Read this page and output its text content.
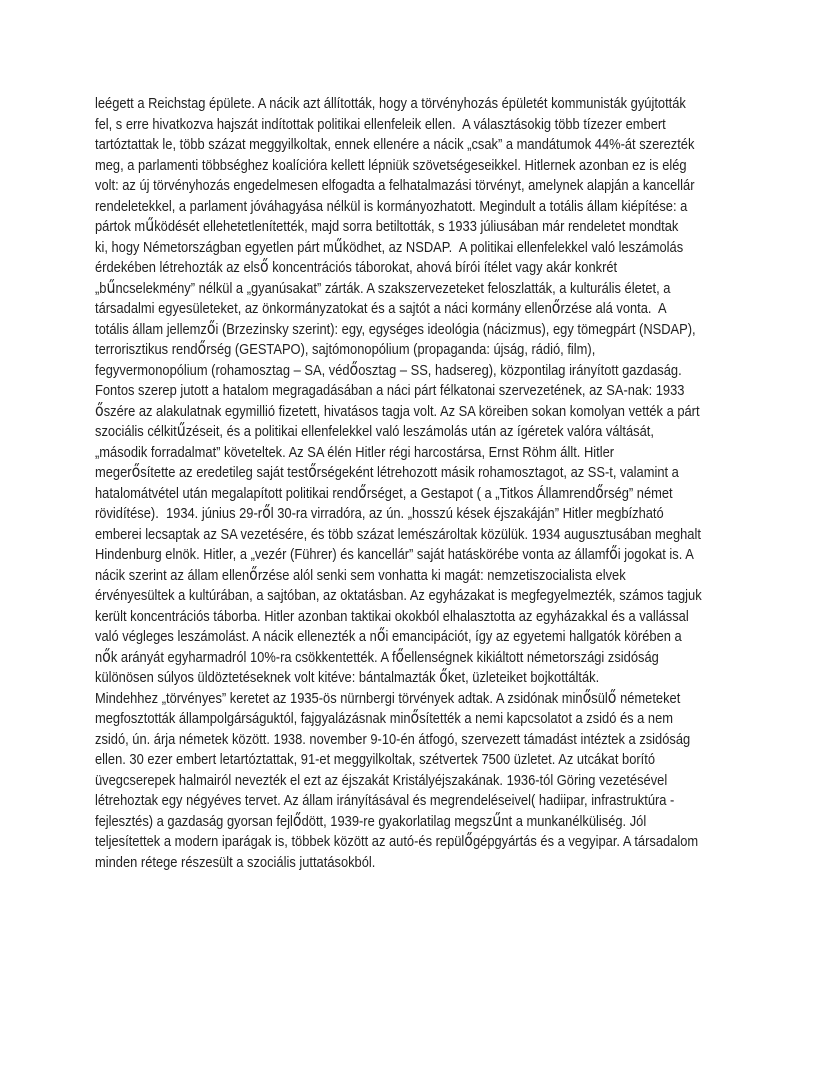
leégett a Reichstag épülete. A nácik azt állították, hogy a törvényhozás épületét kommunisták gyújtották
fel, s erre hivatkozva hajszát indítottak politikai ellenfeleik ellen.  A választásokig több tízezer embert
tartóztattak le, több százat meggyilkoltak, ennek ellenére a nácik „csak” a mandátumok 44%-át szerezték
meg, a parlamenti többséghez koalícióra kellett lépniük szövetségeseikkel. Hitlernek azonban ez is elég
volt: az új törvényhozás engedelmesen elfogadta a felhatalmazási törvényt, amelynek alapján a kancellár
rendeletekkel, a parlament jóváhagyása nélkül is kormányozhatott. Megindult a totális állam kiépítése: a
pártok működését ellehetetlenítették, majd sorra betiltották, s 1933 júliusában már rendeletet mondtak
ki, hogy Németországban egyetlen párt működhet, az NSDAP.  A politikai ellenfelekkel való leszámolás
érdekében létrehozták az első koncentrációs táborokat, ahová bírói ítélet vagy akár konkrét
„bűncselekmény” nélkül a „gyanúsakat” zárták. A szakszervezeteket feloszlatták, a kulturális életet, a
társadalmi egyesületeket, az önkormányzatokat és a sajtót a náci kormány ellenőrzése alá vonta.  A
totális állam jellemzői (Brzezinsky szerint): egy, egységes ideológia (nácizmus), egy tömegpárt (NSDAP),
terrorisztikus rendőrség (GESTAPO), sajtómonopólium (propaganda: újság, rádió, film),
fegyvermonopólium (rohamosztag – SA, védőosztag – SS, hadsereg), központilag irányított gazdaság.
Fontos szerep jutott a hatalom megragadásában a náci párt félkatonai szervezetének, az SA-nak: 1933
őszére az alakulatnak egymillió fizetett, hivatásos tagja volt. Az SA köreiben sokan komolyan vették a párt
szociális célkitűzéseit, és a politikai ellenfelekkel való leszámolás után az ígéretek valóra váltását,
„második forradalmat” követeltek. Az SA élén Hitler régi harcostársa, Ernst Röhm állt. Hitler
megerősítette az eredetileg saját testőrségeként létrehozott másik rohamosztagot, az SS-t, valamint a
hatalomátvétel után megalapított politikai rendőrséget, a Gestapot ( a „Titkos Államrendőrség” német
rövidítése).  1934. június 29-ről 30-ra virradóra, az ún. „hosszú kések éjszakáján” Hitler megbízható
emberei lecsaptak az SA vezetésére, és több százat lemészároltak közülük. 1934 augusztusában meghalt
Hindenburg elnök. Hitler, a „vezér (Führer) és kancellár” saját hatáskörébe vonta az államfői jogokat is. A
nácik szerint az állam ellenőrzése alól senki sem vonhatta ki magát: nemzetiszocialista elvek
érvényesültek a kultúrában, a sajtóban, az oktatásban. Az egyházakat is megfegyelmezték, számos tagjuk
került koncentrációs táborba. Hitler azonban taktikai okokból elhalasztotta az egyházakkal és a vallással
való végleges leszámolást. A nácik ellenezték a női emancipációt, így az egyetemi hallgatók körében a
nők arányát egyharmadról 10%-ra csökkentették. A főellenségnek kikiáltott németországi zsidóság
különösen súlyos üldöztetéseknek volt kitéve: bántalmazták őket, üzleteiket bojkottálták.
Mindehhez „törvényes” keretet az 1935-ös nürnbergi törvények adtak. A zsidónak minősülő németeket
megfosztották állampolgárságuktól, fajgyalázásnak minősítették a nemi kapcsolatot a zsidó és a nem
zsidó, ún. árja németek között. 1938. november 9-10-én átfogó, szervezett támadást intéztek a zsidóság
ellen. 30 ezer embert letartóztattak, 91-et meggyilkoltak, szétvertek 7500 üzletet. Az utcákat borító
üvegcserepek halmairól nevezték el ezt az éjszakát Kristályéjszakának. 1936-tól Göring vezetésével
létrehoztak egy négyéves tervet. Az állam irányításával és megrendeléseivel( hadiipar, infrastruktúra -
fejlesztés) a gazdaság gyorsan fejlődött, 1939-re gyakorlatilag megszűnt a munkanélküliség. Jól
teljesítettek a modern iparágak is, többek között az autó-és repülőgépgyártás és a vegyipar. A társadalom
minden rétege részesült a szociális juttatásokból.
